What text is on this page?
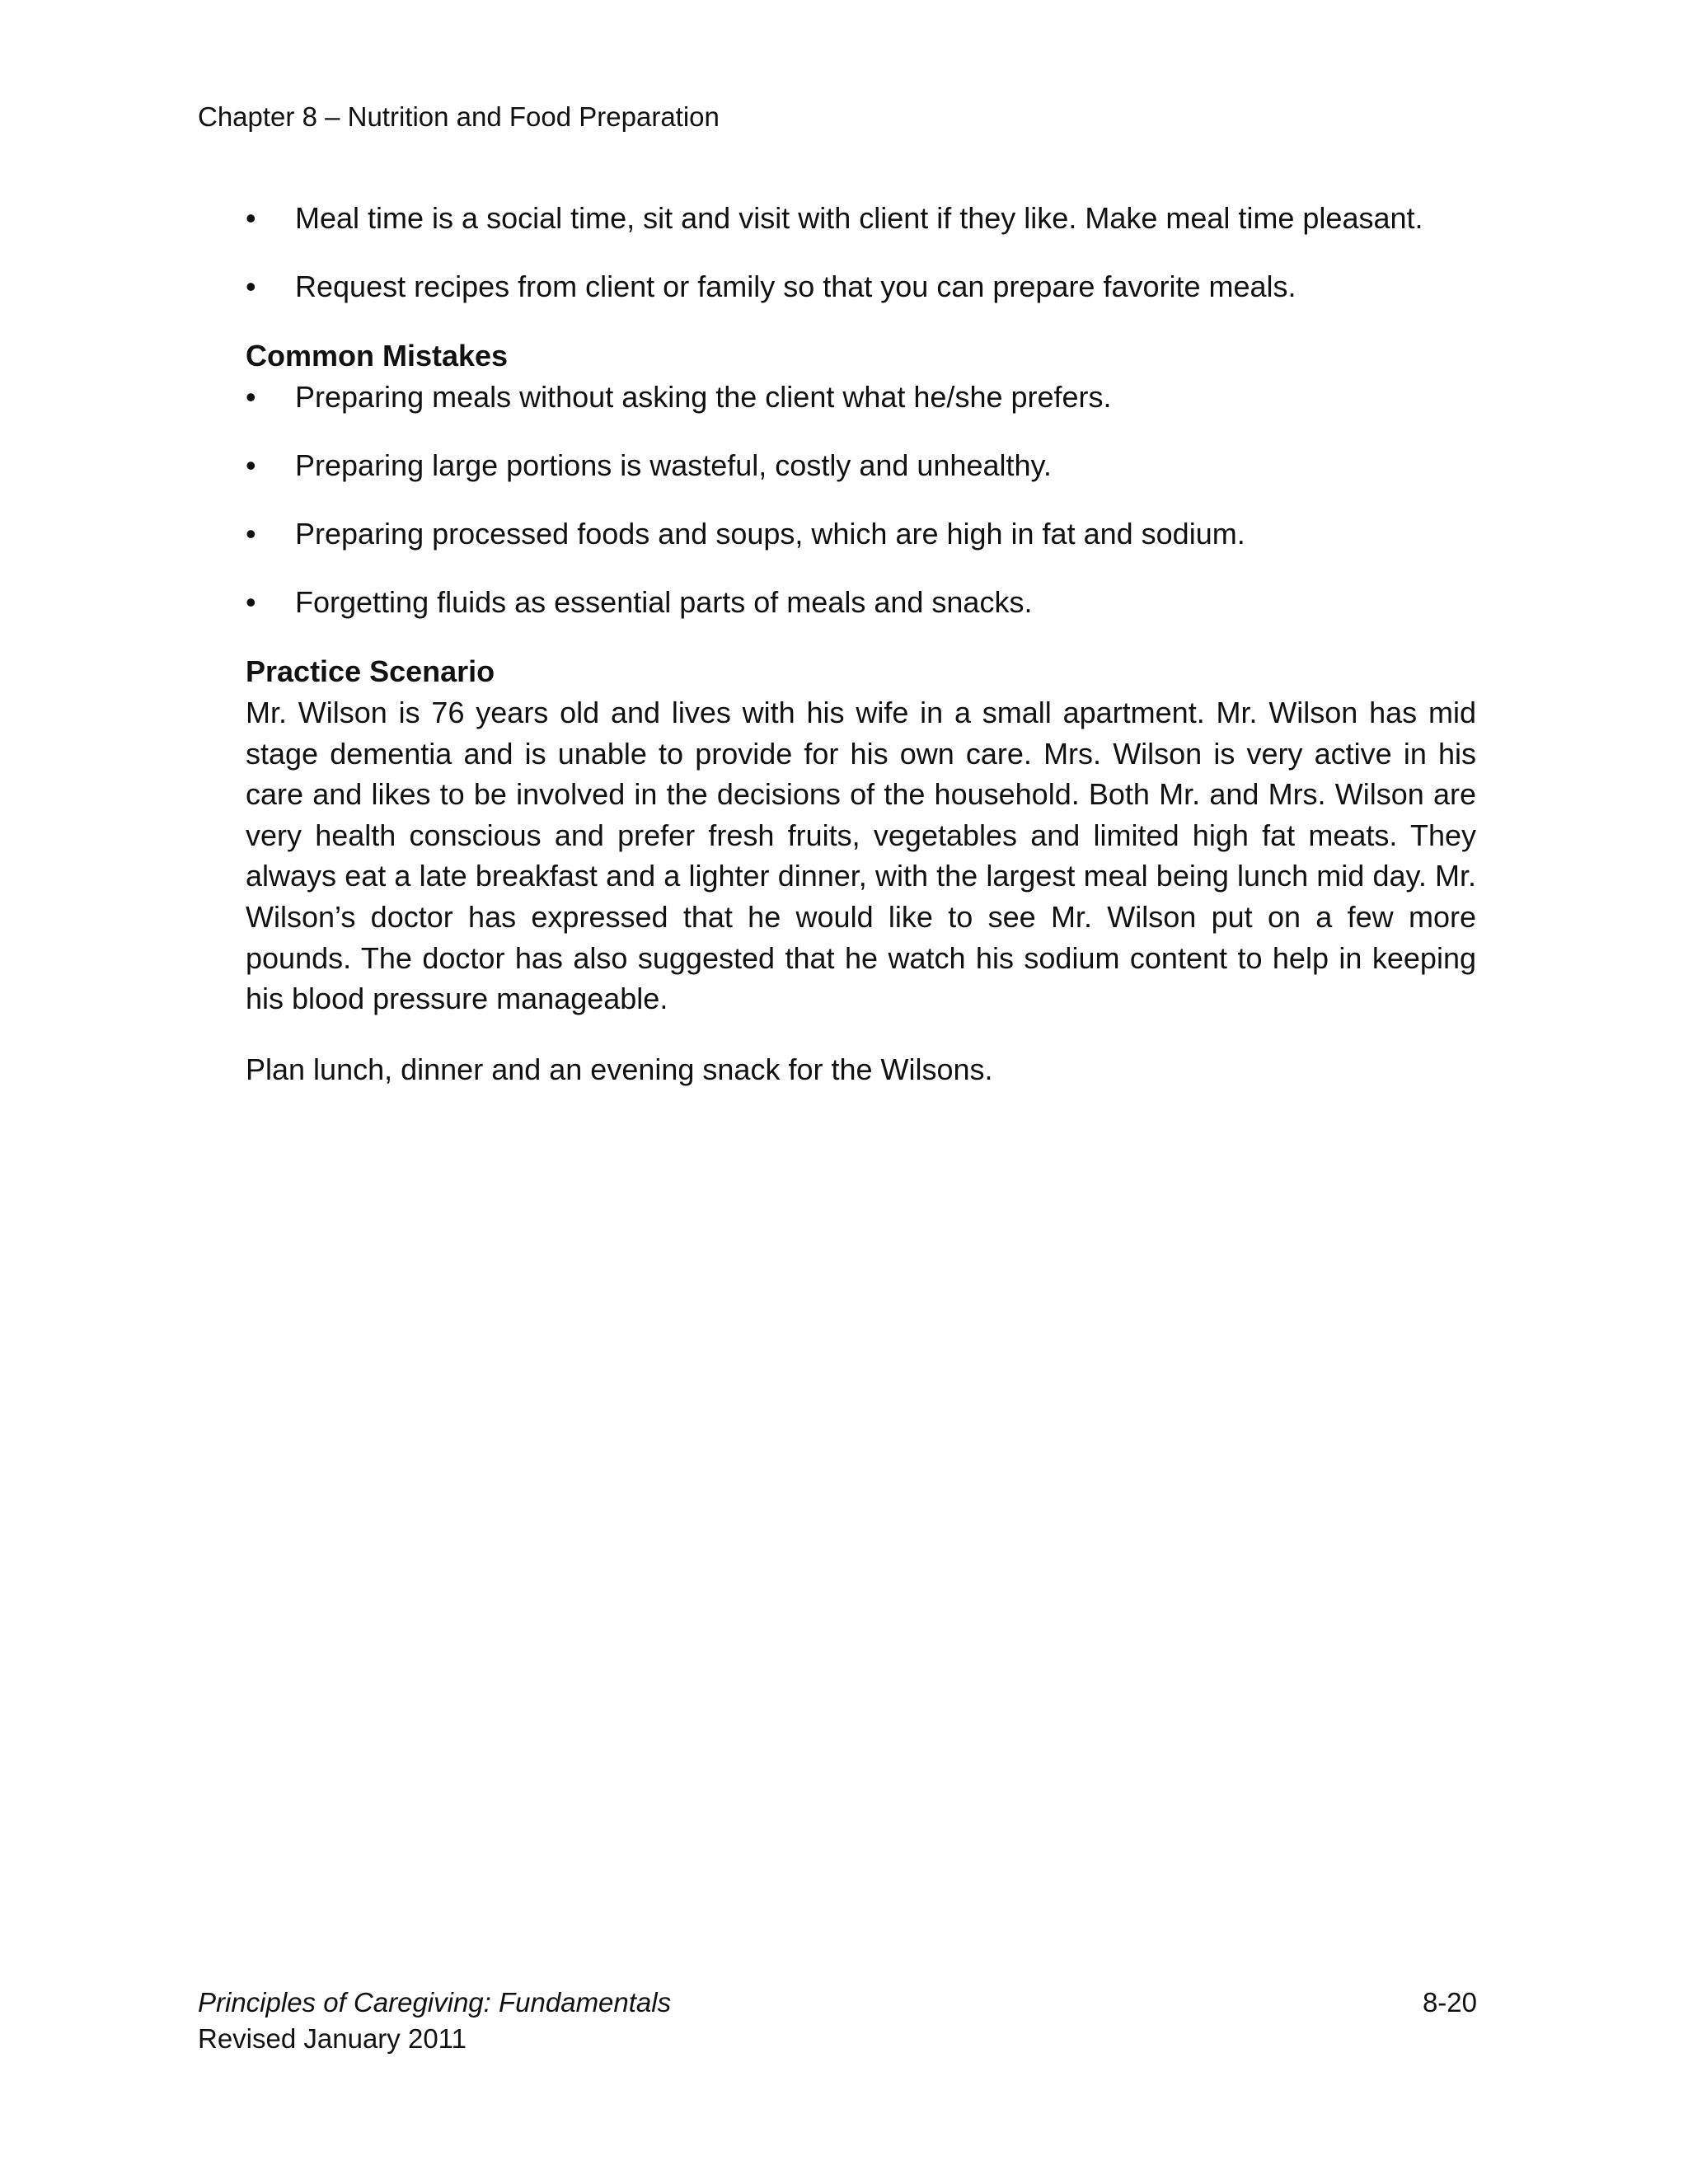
Chapter 8 – Nutrition and Food Preparation
• Meal time is a social time, sit and visit with client if they like. Make meal time pleasant.
• Request recipes from client or family so that you can prepare favorite meals.
Common Mistakes
• Preparing meals without asking the client what he/she prefers.
• Preparing large portions is wasteful, costly and unhealthy.
• Preparing processed foods and soups, which are high in fat and sodium.
• Forgetting fluids as essential parts of meals and snacks.
Practice Scenario

Mr. Wilson is 76 years old and lives with his wife in a small apartment. Mr. Wilson has mid stage dementia and is unable to provide for his own care. Mrs. Wilson is very active in his care and likes to be involved in the decisions of the household. Both Mr. and Mrs. Wilson are very health conscious and prefer fresh fruits, vegetables and limited high fat meats. They always eat a late breakfast and a lighter dinner, with the largest meal being lunch mid day. Mr. Wilson’s doctor has expressed that he would like to see Mr. Wilson put on a few more pounds. The doctor has also suggested that he watch his sodium content to help in keeping his blood pressure manageable.

Plan lunch, dinner and an evening snack for the Wilsons.
Principles of Caregiving: Fundamentals	8-20
Revised January 2011
